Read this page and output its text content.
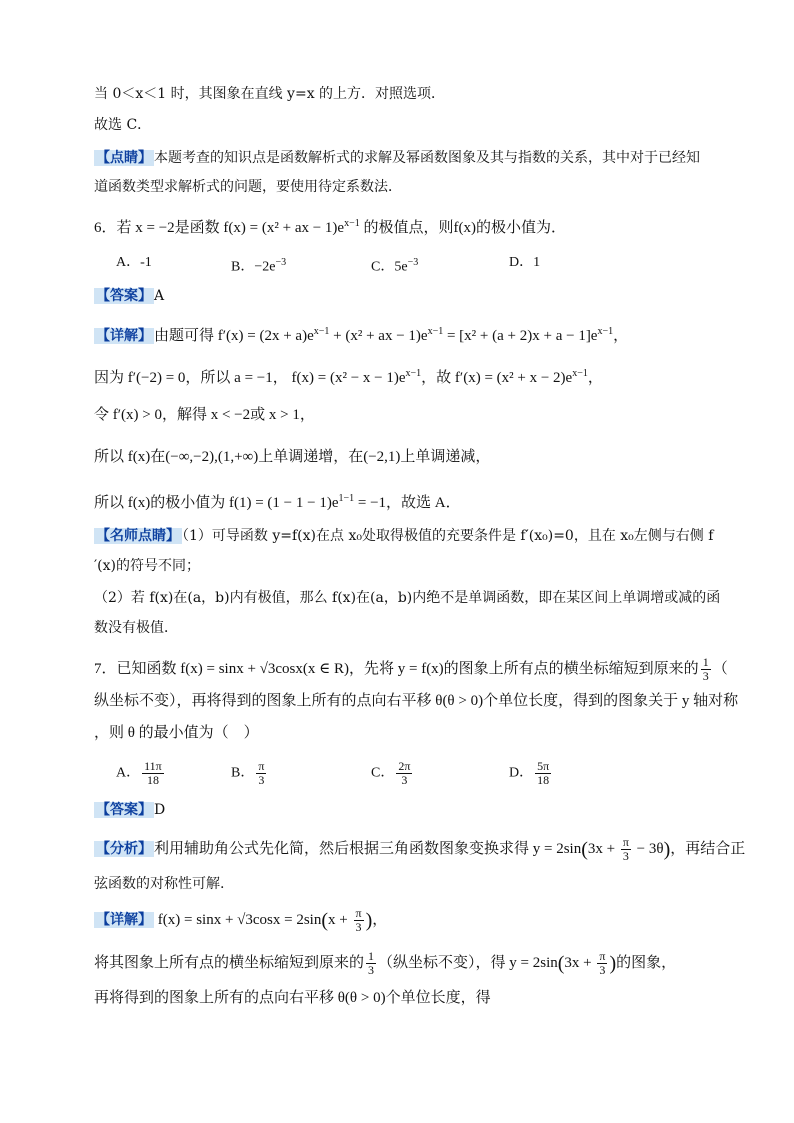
当 0＜x＜1 时，其图象在直线 y=x 的上方．对照选项．
故选 C．
【点睛】 本题考查的知识点是函数解析式的求解及幂函数图象及其与指数的关系，其中对于已经知
道函数类型求解析式的问题，要使用待定系数法．
6．若 x = −2是函数 f(x) = (x² + ax − $1)e^{x-1}$ 的极值点，则f(x)的极小值为．
A．-1	B．$-2e^{-3}$	C．$5e^{-3}$	D．1
【答案】 A
【详解】 由题可得 $f'(x) = (2x + a)e^{x-1} + (x^2$ + ax − $1)e^{x-1} = [x^2 + (a + 2)x + a - 1]e^{x-1}$，
因为 f′(−2) = 0，所以 a = −1， $f(x) = (x^2 - x - 1)e^{x-1}$，故 $f'(x) = (x^2 + x - 2)e^{x-1}$，
令 f′(x) > 0，解得 x < −2或 x > 1，
所以 f(x)在(−∞,−2),(1,+∞)上单调递增，在(−2,1)上单调递减，
所以 f(x)的极小值为 $f(1) = (1 - 1 - 1)e^{1-1} = -1$，故选 A．
【名师点睛】 （1）可导函数 y=f(x)在点 x₀处取得极值的充要条件是 f′(x₀)=0，且在 x₀左侧与右侧 f
′(x)的符号不同；
（2）若 f(x)在(a，b)内有极值，那么 f(x)在(a，b)内绝不是单调函数，即在某区间上单调增或减的函
数没有极值．
7．已知函数 f(x) = sinx + √3cosx(x ∈ R)，先将 y = f(x)的图象上所有点的横坐标缩短到原来的 $\frac{1}{3}$ （
纵坐标不变），再将得到的图象上所有的点向右平移 θ(θ > 0)个单位长度，得到的图象关于 y 轴对称
，则 θ 的最小值为（　）
A． $\frac{11\pi}{18}$	B． $\frac{\pi}{3}$	C． $\frac{2\pi}{3}$	D． $\frac{5\pi}{18}$
【答案】 D
【分析】 利用辅助角公式先化简，然后根据三角函数图象变换求得 $y = 2\sin(3x + \frac{\pi}{3} - 3\theta)$，再结合正
弦函数的对称性可解.
【详解】 $f(x) = \sin x + √3\cos x = 2\sin(x + \frac{\pi}{3}$ )，
将其图象上所有点的横坐标缩短到原来的 $\frac{1}{3}$ （纵坐标不变），得 $y = 2\sin(3x + \frac{\pi}{3}$ )的图象，
再将得到的图象上所有的点向右平移 θ(θ > 0)个单位长度，得
